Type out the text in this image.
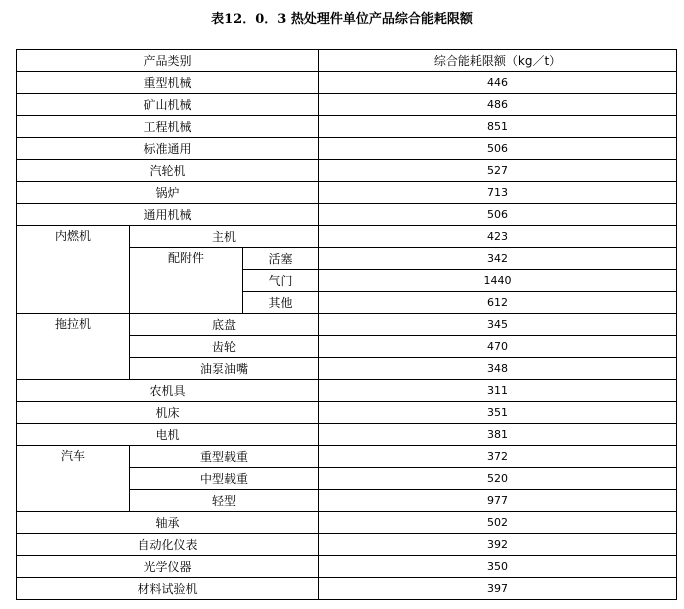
表12．0．3 热处理件单位产品综合能耗限额
产品类别			综合能耗限额（kg／t）
重型机械			446
矿山机械			486
工程机械			851
标准通用			506
汽轮机			527
锅炉			713
通用机械			506
内燃机	主机		423
	配附件	活塞	342
		气门	1440
		其他	612
拖拉机	底盘		345
	齿轮		470
	油泵油嘴		348
农机具			311
机床			351
电机			381
汽车	重型载重		372
	中型载重		520
	轻型		977
轴承			502
自动化仪表			392
光学仪器			350
材料试验机			397
